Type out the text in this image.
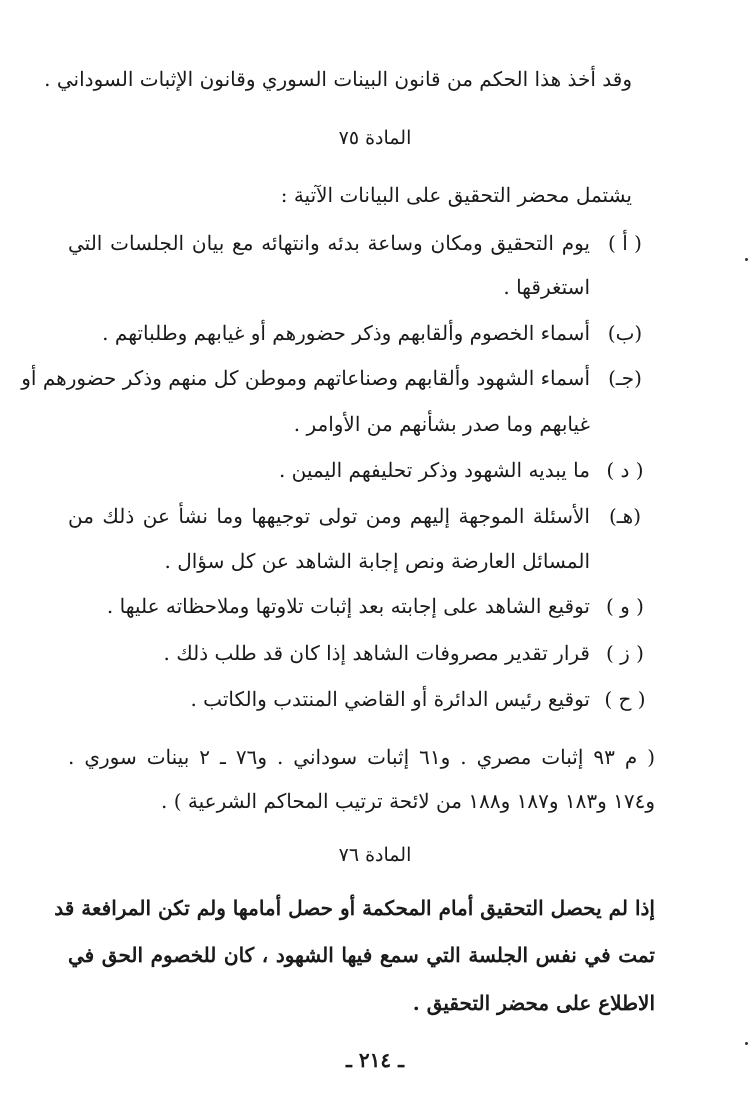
وقد أخذ هذا الحكم من قانون البينات السوري وقانون الإثبات السوداني .
المادة ٧٥
يشتمل محضر التحقيق على البيانات الآتية :
( أ )
يوم التحقيق ومكان وساعة بدئه وانتهائه مع بيان الجلسات التي
استغرقها .
(ب)
أسماء الخصوم وألقابهم وذكر حضورهم أو غيابهم وطلباتهم .
(جـ)
أسماء الشهود وألقابهم وصناعاتهم وموطن كل منهم وذكر حضورهم أو
غيابهم وما صدر بشأنهم من الأوامر .
( د )
ما يبديه الشهود وذكر تحليفهم اليمين .
(هـ)
الأسئلة الموجهة إليهم ومن تولى توجيهها وما نشأ عن ذلك من
المسائل العارضة ونص إجابة الشاهد عن كل سؤال .
( و )
توقيع الشاهد على إجابته بعد إثبات تلاوتها وملاحظاته عليها .
( ز )
قرار تقدير مصروفات الشاهد إذا كان قد طلب ذلك .
( ح )
توقيع رئيس الدائرة أو القاضي المنتدب والكاتب .
( م ٩٣ إثبات مصري . و٦١ إثبات سوداني . و٧٦ ـ ٢ بينات سوري .
و١٧٤ و١٨٣ و١٨٧ و١٨٨ من لائحة ترتيب المحاكم الشرعية ) .
المادة ٧٦
إذا لم يحصل التحقيق أمام المحكمة أو حصل أمامها ولم تكن المرافعة قد
تمت في نفس الجلسة التي سمع فيها الشهود ، كان للخصوم الحق في
الاطلاع على محضر التحقيق .
ـ ٢١٤ ـ
